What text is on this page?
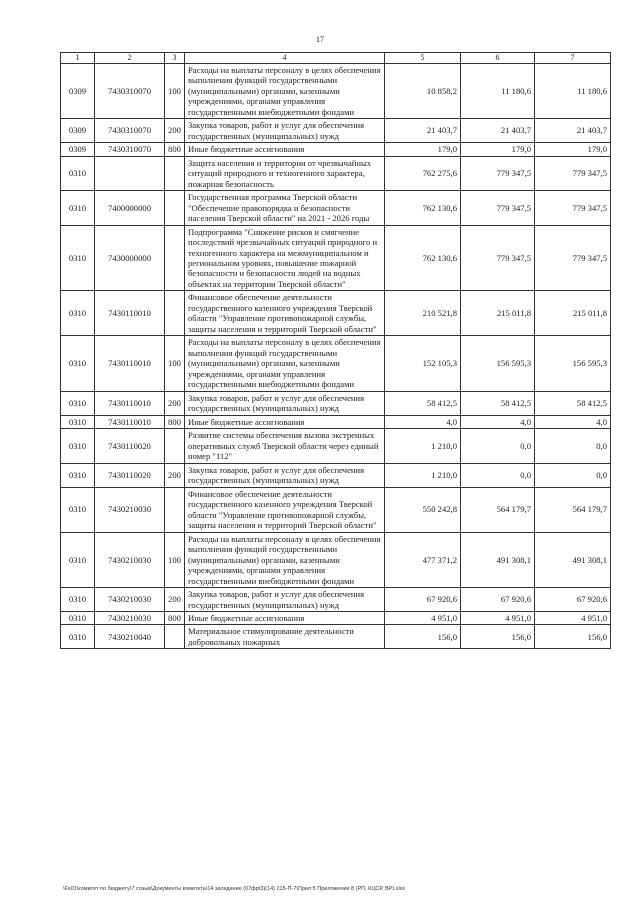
17
1	2	3	4	5	6	7
0309	7430310070	100	Расходы на выплаты персоналу в целях обеспечения выполнения функций государственными (муниципальными) органами, казенными учреждениями, органами управления государственными внебюджетными фондами	10 858,2	11 180,6	11 180,6
0309	7430310070	200	Закупка товаров, работ и услуг для обеспечения государственных (муниципальных) нужд	21 403,7	21 403,7	21 403,7
0309	7430310070	800	Иные бюджетные ассигнования	179,0	179,0	179,0
0310			Защита населения и территории от чрезвычайных ситуаций природного и техногенного характера, пожарная безопасность	762 275,6	779 347,5	779 347,5
0310	7400000000		Государственная программа Тверской области "Обеспечение правопорядка и безопасности населения Тверской области" на 2021 - 2026 годы	762 130,6	779 347,5	779 347,5
0310	7430000000		Подпрограмма "Снижение рисков и смягчение последствий чрезвычайных ситуаций природного и техногенного характера на межмуниципальном и региональном уровнях, повышение пожарной безопасности и безопасности людей на водных объектах на территории Тверской области"	762 130,6	779 347,5	779 347,5
0310	7430110010		Финансовое обеспечение деятельности государственного казенного учреждения Тверской области "Управление противопожарной службы, защиты населения и территорий Тверской области"	210 521,8	215 011,8	215 011,8
0310	7430110010	100	Расходы на выплаты персоналу в целях обеспечения выполнения функций государственными (муниципальными) органами, казенными учреждениями, органами управления государственными внебюджетными фондами	152 105,3	156 595,3	156 595,3
0310	7430110010	200	Закупка товаров, работ и услуг для обеспечения государственных (муниципальных) нужд	58 412,5	58 412,5	58 412,5
0310	7430110010	800	Иные бюджетные ассигнования	4,0	4,0	4,0
0310	7430110020		Развитие системы обеспечения вызова экстренных оперативных служб Тверской области через единый номер "112"	1 210,0	0,0	0,0
0310	7430110020	200	Закупка товаров, работ и услуг для обеспечения государственных (муниципальных) нужд	1 210,0	0,0	0,0
0310	7430210030		Финансовое обеспечение деятельности государственного казенного учреждения Тверской области "Управление противопожарной службы, защиты населения и территорий Тверской области"	550 242,8	564 179,7	564 179,7
0310	7430210030	100	Расходы на выплаты персоналу в целях обеспечения выполнения функций государственными (муниципальными) органами, казенными учреждениями, органами управления государственными внебюджетными фондами	477 371,2	491 308,1	491 308,1
0310	7430210030	200	Закупка товаров, работ и услуг для обеспечения государственных (муниципальных) нужд	67 920,6	67 920,6	67 920,6
0310	7430210030	800	Иные бюджетные ассигнования	4 951,0	4 951,0	4 951,0
0310	7430210040		Материальное стимулирование деятельности добровольных пожарных	156,0	156,0	156,0
\Fs01\комитет по бюджету\7 созыв\Документы комитета\14 заседание (07фр\3)(14) 215-П-7\Прил 5 Приложение 8 (РП, КЦСР, ВР).xlsx
